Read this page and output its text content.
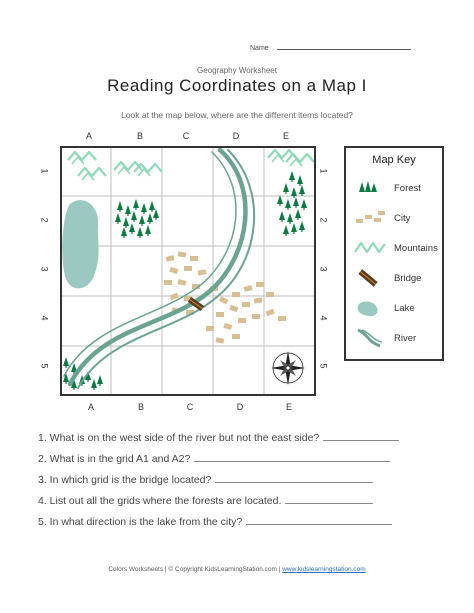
Name
Geography Worksheet
Reading Coordinates on a Map I
Look at the map below, where are the different items located?
A	B	C	D	E
A	B	C	D	E
1
2
3
4
5
1
2
3
4
5
Map Key
Forest
City
Mountains
Bridge
Lake
River
1. What is on the west side of the river but not the east side?
2. What is in the grid A1 and A2?
3. In which grid is the bridge located?
4. List out all the grids where the forests are located.
5. In what direction is the lake from the city?
Colors Worksheets | © Copyright KidsLearningStation.com | www.kidslearningstation.com
